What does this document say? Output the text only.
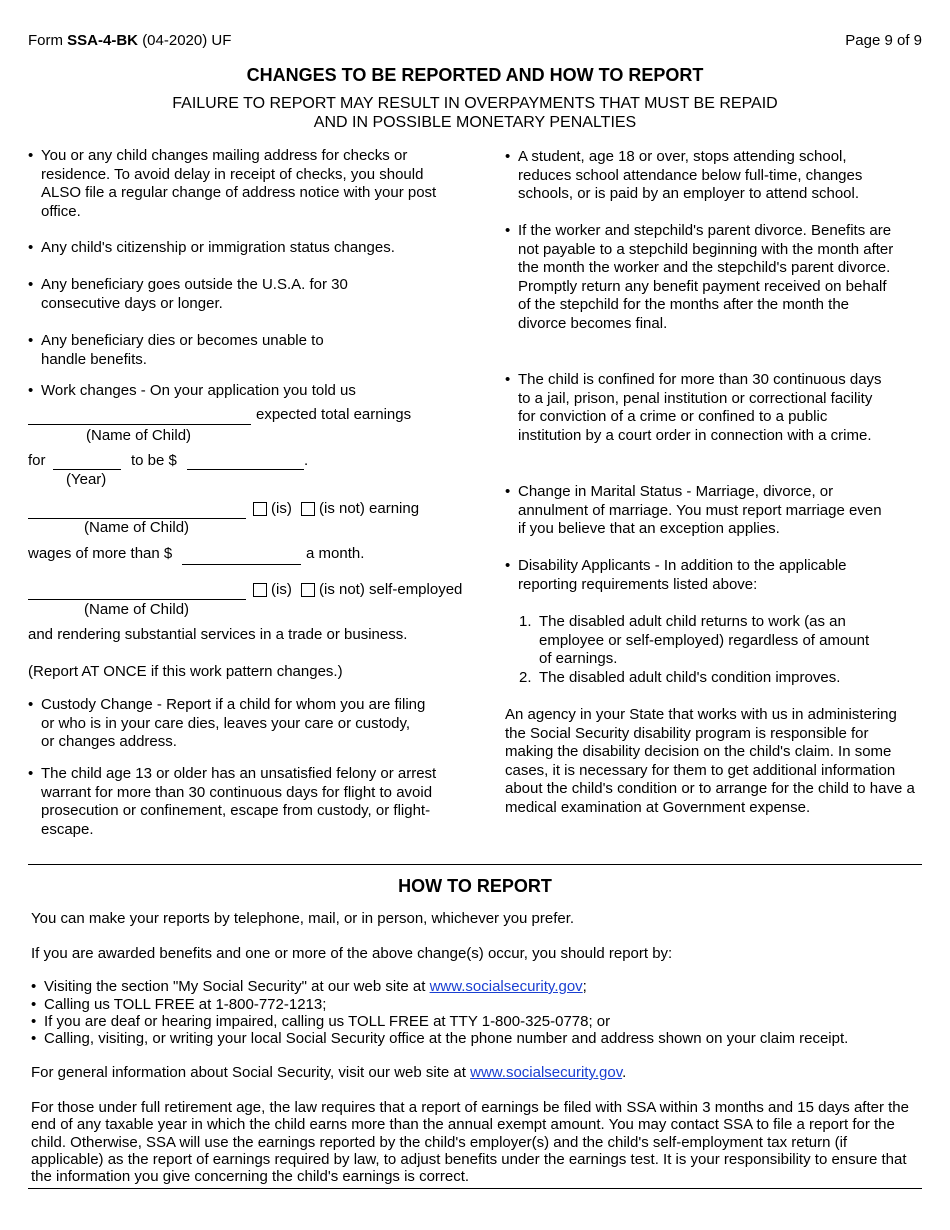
Form SSA-4-BK (04-2020) UF	Page 9 of 9
CHANGES TO BE REPORTED AND HOW TO REPORT
FAILURE TO REPORT MAY RESULT IN OVERPAYMENTS THAT MUST BE REPAID
AND IN POSSIBLE MONETARY PENALTIES
• You or any child changes mailing address for checks or residence. To avoid delay in receipt of checks, you should ALSO file a regular change of address notice with your post office.
• Any child's citizenship or immigration status changes.
• Any beneficiary goes outside the U.S.A. for 30 consecutive days or longer.
• Any beneficiary dies or becomes unable to handle benefits.
• Work changes - On your application you told us
expected total earnings
(Name of Child)
for	to be $	.
(Year)
(is) (is not) earning
(Name of Child)
wages of more than $	a month.
(is) (is not) self-employed
(Name of Child)
and rendering substantial services in a trade or business.
(Report AT ONCE if this work pattern changes.)
• Custody Change - Report if a child for whom you are filing or who is in your care dies, leaves your care or custody, or changes address.
• The child age 13 or older has an unsatisfied felony or arrest warrant for more than 30 continuous days for flight to avoid prosecution or confinement, escape from custody, or flight-escape.
• A student, age 18 or over, stops attending school, reduces school attendance below full-time, changes schools, or is paid by an employer to attend school.
• If the worker and stepchild's parent divorce. Benefits are not payable to a stepchild beginning with the month after the month the worker and the stepchild's parent divorce. Promptly return any benefit payment received on behalf of the stepchild for the months after the month the divorce becomes final.
• The child is confined for more than 30 continuous days to a jail, prison, penal institution or correctional facility for conviction of a crime or confined to a public institution by a court order in connection with a crime.
• Change in Marital Status - Marriage, divorce, or annulment of marriage. You must report marriage even if you believe that an exception applies.
• Disability Applicants - In addition to the applicable reporting requirements listed above:
1. The disabled adult child returns to work (as an employee or self-employed) regardless of amount of earnings.
2. The disabled adult child's condition improves.
An agency in your State that works with us in administering the Social Security disability program is responsible for making the disability decision on the child's claim. In some cases, it is necessary for them to get additional information about the child's condition or to arrange for the child to have a medical examination at Government expense.
HOW TO REPORT
You can make your reports by telephone, mail, or in person, whichever you prefer.
If you are awarded benefits and one or more of the above change(s) occur, you should report by:
• Visiting the section "My Social Security" at our web site at www.socialsecurity.gov;
• Calling us TOLL FREE at 1-800-772-1213;
• If you are deaf or hearing impaired, calling us TOLL FREE at TTY 1-800-325-0778; or
• Calling, visiting, or writing your local Social Security office at the phone number and address shown on your claim receipt.
For general information about Social Security, visit our web site at www.socialsecurity.gov.
For those under full retirement age, the law requires that a report of earnings be filed with SSA within 3 months and 15 days after the end of any taxable year in which the child earns more than the annual exempt amount. You may contact SSA to file a report for the child. Otherwise, SSA will use the earnings reported by the child's employer(s) and the child's self-employment tax return (if applicable) as the report of earnings required by law, to adjust benefits under the earnings test. It is your responsibility to ensure that the information you give concerning the child's earnings is correct.
